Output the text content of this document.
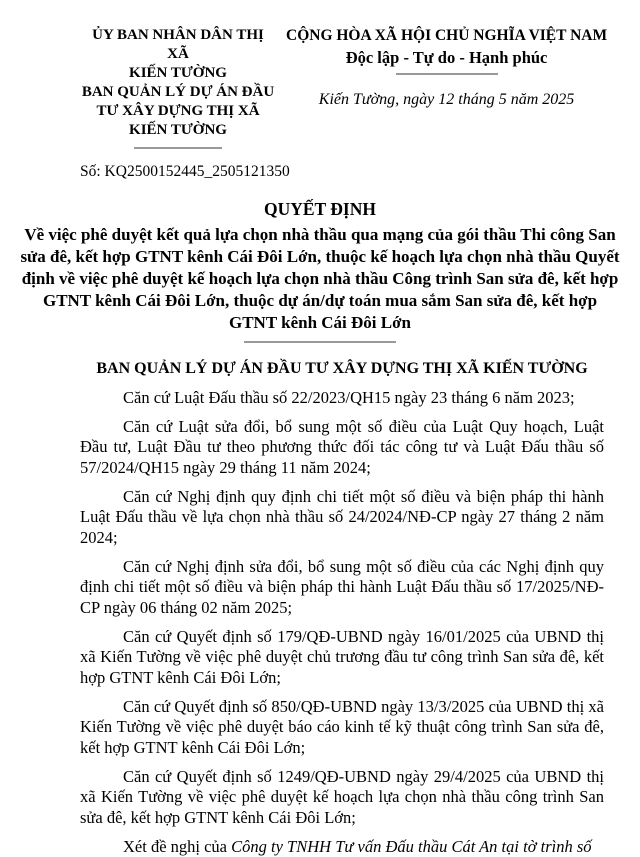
ỦY BAN NHÂN DÂN THỊ XÃ
KIẾN TƯỜNG
BAN QUẢN LÝ DỰ ÁN ĐẦU
TƯ XÂY DỰNG THỊ XÃ
KIẾN TƯỜNG
CỘNG HÒA XÃ HỘI CHỦ NGHĨA VIỆT NAM
Độc lập - Tự do - Hạnh phúc
Kiến Tường, ngày 12 tháng 5 năm 2025
Số: KQ2500152445_2505121350
QUYẾT ĐỊNH
Về việc phê duyệt kết quả lựa chọn nhà thầu qua mạng của gói thầu Thi công San sửa đê, kết hợp GTNT kênh Cái Đôi Lớn, thuộc kế hoạch lựa chọn nhà thầu Quyết định về việc phê duyệt kế hoạch lựa chọn nhà thầu Công trình San sửa đê, kết hợp GTNT kênh Cái Đôi Lớn, thuộc dự án/dự toán mua sắm San sửa đê, kết hợp GTNT kênh Cái Đôi Lớn
BAN QUẢN LÝ DỰ ÁN ĐẦU TƯ XÂY DỰNG THỊ XÃ KIẾN TƯỜNG

Căn cứ Luật Đấu thầu số 22/2023/QH15 ngày 23 tháng 6 năm 2023;

Căn cứ Luật sửa đổi, bổ sung một số điều của Luật Quy hoạch, Luật Đầu tư, Luật Đầu tư theo phương thức đối tác công tư và Luật Đấu thầu số 57/2024/QH15 ngày 29 tháng 11 năm 2024;

Căn cứ Nghị định quy định chi tiết một số điều và biện pháp thi hành Luật Đấu thầu về lựa chọn nhà thầu số 24/2024/NĐ-CP ngày 27 tháng 2 năm 2024;

Căn cứ Nghị định sửa đổi, bổ sung một số điều của các Nghị định quy định chi tiết một số điều và biện pháp thi hành Luật Đấu thầu số 17/2025/NĐ-CP ngày 06 tháng 02 năm 2025;

Căn cứ Quyết định số 179/QĐ-UBND ngày 16/01/2025 của UBND thị xã Kiến Tường về việc phê duyệt chủ trương đầu tư công trình San sửa đê, kết hợp GTNT kênh Cái Đôi Lớn;

Căn cứ Quyết định số 850/QĐ-UBND ngày 13/3/2025 của UBND thị xã Kiến Tường về việc phê duyệt báo cáo kinh tế kỹ thuật công trình San sửa đê, kết hợp GTNT kênh Cái Đôi Lớn;

Căn cứ Quyết định số 1249/QĐ-UBND ngày 29/4/2025 của UBND thị xã Kiến Tường về việc phê duyệt kế hoạch lựa chọn nhà thầu công trình San sửa đê, kết hợp GTNT kênh Cái Đôi Lớn;

Xét đề nghị của Công ty TNHH Tư vấn Đấu thầu Cát An tại tờ trình số
